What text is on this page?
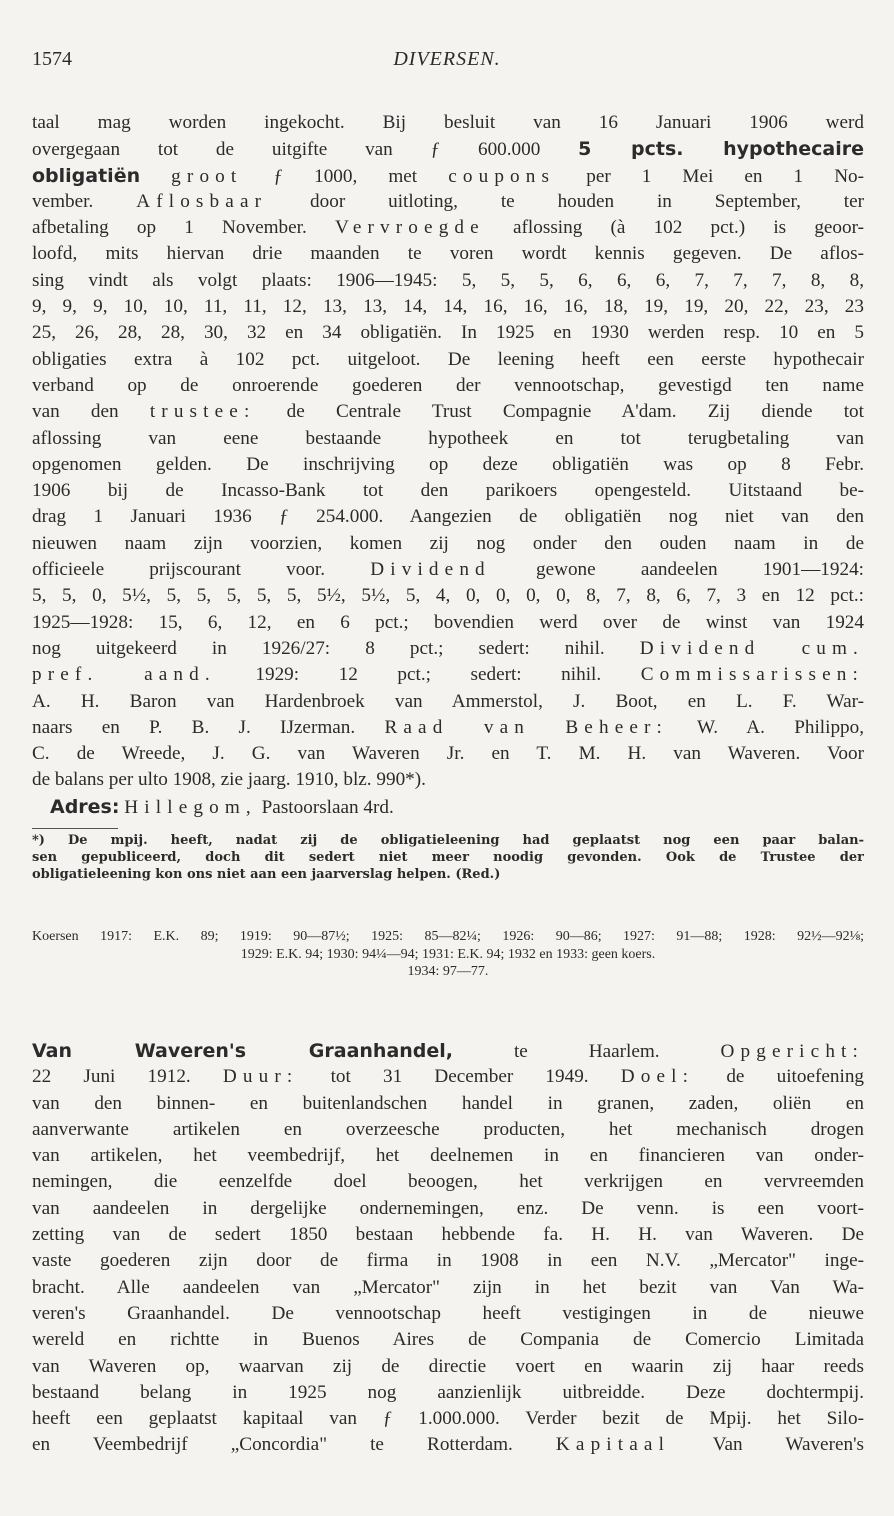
1574	DIVERSEN.
taal mag worden ingekocht. Bij besluit van 16 Januari 1906 werd
overgegaan tot de uitgifte van ƒ 600.000 5 pcts. hypothecaire
obligatiën groot ƒ 1000, met coupons per 1 Mei en 1 No-
vember. Aflosbaar door uitloting, te houden in September, ter
afbetaling op 1 November. Vervroegde aflossing (à 102 pct.) is geoor-
loofd, mits hiervan drie maanden te voren wordt kennis gegeven. De aflos-
sing vindt als volgt plaats: 1906—1945: 5, 5, 5, 6, 6, 6, 7, 7, 7, 8, 8,
9, 9, 9, 10, 10, 11, 11, 12, 13, 13, 14, 14, 16, 16, 16, 18, 19, 19, 20, 22, 23, 23
25, 26, 28, 28, 30, 32 en 34 obligatiën. In 1925 en 1930 werden resp. 10 en 5
obligaties extra à 102 pct. uitgeloot. De leening heeft een eerste hypothecair
verband op de onroerende goederen der vennootschap, gevestigd ten name
van den trustee: de Centrale Trust Compagnie A'dam. Zij diende tot
aflossing van eene bestaande hypotheek en tot terugbetaling van
opgenomen gelden. De inschrijving op deze obligatiën was op 8 Febr.
1906 bij de Incasso-Bank tot den parikoers opengesteld. Uitstaand be-
drag 1 Januari 1936 ƒ 254.000. Aangezien de obligatiën nog niet van den
nieuwen naam zijn voorzien, komen zij nog onder den ouden naam in de
officieele prijscourant voor. Dividend gewone aandeelen 1901—1924:
5, 5, 0, 5½, 5, 5, 5, 5, 5, 5½, 5½, 5, 4, 0, 0, 0, 0, 8, 7, 8, 6, 7, 3 en 12 pct.:
1925—1928: 15, 6, 12, en 6 pct.; bovendien werd over de winst van 1924
nog uitgekeerd in 1926/27: 8 pct.; sedert: nihil. Dividend cum.
pref. aand. 1929: 12 pct.; sedert: nihil. Commissarissen:
A. H. Baron van Hardenbroek van Ammerstol, J. Boot, en L. F. War-
naars en P. B. J. IJzerman. Raad van Beheer: W. A. Philippo,
C. de Wreede, J. G. van Waveren Jr. en T. M. H. van Waveren. Voor
de balans per ulto 1908, zie jaarg. 1910, blz. 990*).
Adres: Hillegom, Pastoorslaan 4rd.
*) De mpij. heeft, nadat zij de obligatieleening had geplaatst nog een paar balan-
sen gepubliceerd, doch dit sedert niet meer noodig gevonden. Ook de Trustee der
obligatieleening kon ons niet aan een jaarverslag helpen. (Red.)
Koersen 1917: E.K. 89; 1919: 90—87½; 1925: 85—82¼; 1926: 90—86; 1927: 91—88; 1928: 92½—92⅛;
1929: E.K. 94; 1930: 94¼—94; 1931: E.K. 94; 1932 en 1933: geen koers.
1934: 97—77.
Van Waveren's Graanhandel,	te Haarlem.	Opgericht:
22 Juni 1912. Duur: tot 31 December 1949. Doel: de uitoefening
van den binnen- en buitenlandschen handel in granen, zaden, oliën en
aanverwante artikelen en overzeesche producten, het mechanisch drogen
van artikelen, het veembedrijf, het deelnemen in en financieren van onder-
nemingen, die eenzelfde doel beoogen, het verkrijgen en vervreemden
van aandeelen in dergelijke ondernemingen, enz. De venn. is een voort-
zetting van de sedert 1850 bestaan hebbende fa. H. H. van Waveren. De
vaste goederen zijn door de firma in 1908 in een N.V. „Mercator" inge-
bracht. Alle aandeelen van „Mercator" zijn in het bezit van Van Wa-
veren's Graanhandel. De vennootschap heeft vestigingen in de nieuwe
wereld en richtte in Buenos Aires de Compania de Comercio Limitada
van Waveren op, waarvan zij de directie voert en waarin zij haar reeds
bestaand belang in 1925 nog aanzienlijk uitbreidde. Deze dochtermpij.
heeft een geplaatst kapitaal van ƒ 1.000.000. Verder bezit de Mpij. het Silo-
en Veembedrijf „Concordia" te Rotterdam. Kapitaal Van Waveren's
